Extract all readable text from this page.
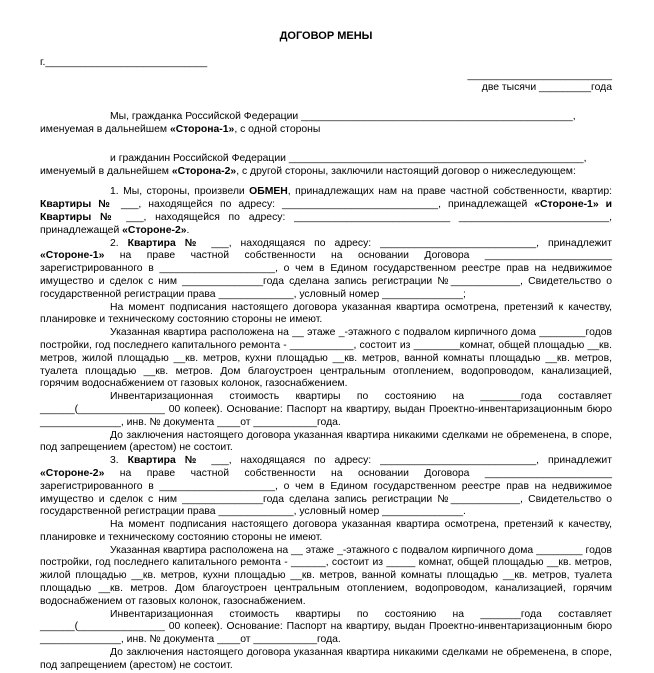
ДОГОВОР МЕНЫ
г.____________________________
_________________________
две тысячи _________года

Мы, гражданка Российской Федерации _______________________________________________,

именуемая в дальнейшем «Сторона-1», с одной стороны

и гражданин Российской Федерации ___________________________________________________,

именуемый в дальнейшем «Сторона-2», с другой стороны, заключили настоящий договор о нижеследующем:

1. Мы, стороны, произвели ОБМЕН, принадлежащих нам на праве частной собственности, квартир: Квартиры № ___, находящейся по адресу: ___________________________, принадлежащей «Стороне-1» и Квартиры № ___, находящейся по адресу: ___________________________ __________________________, принадлежащей «Стороне-2».

2. Квартира № ___, находящаяся по адресу: ___________________________, принадлежит «Стороне-1» на праве частной собственности на основании Договора ______________________ зарегистрированного в ____________________, о чем в Едином государственном реестре прав на недвижимое имущество и сделок с ним ______________года сделана запись регистрации №____________, Свидетельство о государственной регистрации права _____________, условный номер ______________;

На момент подписания настоящего договора указанная квартира осмотрена, претензий к качеству, планировке и техническому состоянию стороны не имеют.

Указанная квартира расположена на __ этаже _-этажного с подвалом кирпичного дома ________годов постройки, год последнего капитального ремонта - ___________, состоит из ________комнат, общей площадью __кв. метров, жилой площадью __кв. метров, кухни площадью __кв. метров, ванной комнаты площадью __кв. метров, туалета площадью __кв. метров. Дом благоустроен центральным отоплением, водопроводом, канализацией, горячим водоснабжением от газовых колонок, газоснабжением.

Инвентаризационная стоимость квартиры по состоянию на _______года составляет ______(_______________ 00 копеек). Основание: Паспорт на квартиру, выдан Проектно-инвентаризационным бюро ______________, инв. № документа ____от ___________года.

До заключения настоящего договора указанная квартира никакими сделками не обременена, в споре, под запрещением (арестом) не состоит.

3. Квартира № ___, находящаяся по адресу: ___________________________, принадлежит «Стороне-2» на праве частной собственности на основании Договора ______________________ зарегистрированного в ____________________, о чем в Едином государственном реестре прав на недвижимое имущество и сделок с ним ______________года сделана запись регистрации №____________, Свидетельство о государственной регистрации права _____________, условный номер ______________.

На момент подписания настоящего договора указанная квартира осмотрена, претензий к качеству, планировке и техническому состоянию стороны не имеют.

Указанная квартира расположена на __ этаже _-этажного с подвалом кирпичного дома ________ годов постройки, год последнего капитального ремонта - ______, состоит из _____ комнат, общей площадью __кв. метров, жилой площадью __кв. метров, кухни площадью __кв. метров, ванной комнаты площадью __кв. метров, туалета площадью __кв. метров. Дом благоустроен центральным отоплением, водопроводом, канализацией, горячим водоснабжением от газовых колонок, газоснабжением.

Инвентаризационная стоимость квартиры по состоянию на _______года составляет ______(_______________ 00 копеек). Основание: Паспорт на квартиру, выдан Проектно-инвентаризационным бюро ______________, инв. № документа ____от ___________года.

До заключения настоящего договора указанная квартира никакими сделками не обременена, в споре, под запрещением (арестом) не состоит.
